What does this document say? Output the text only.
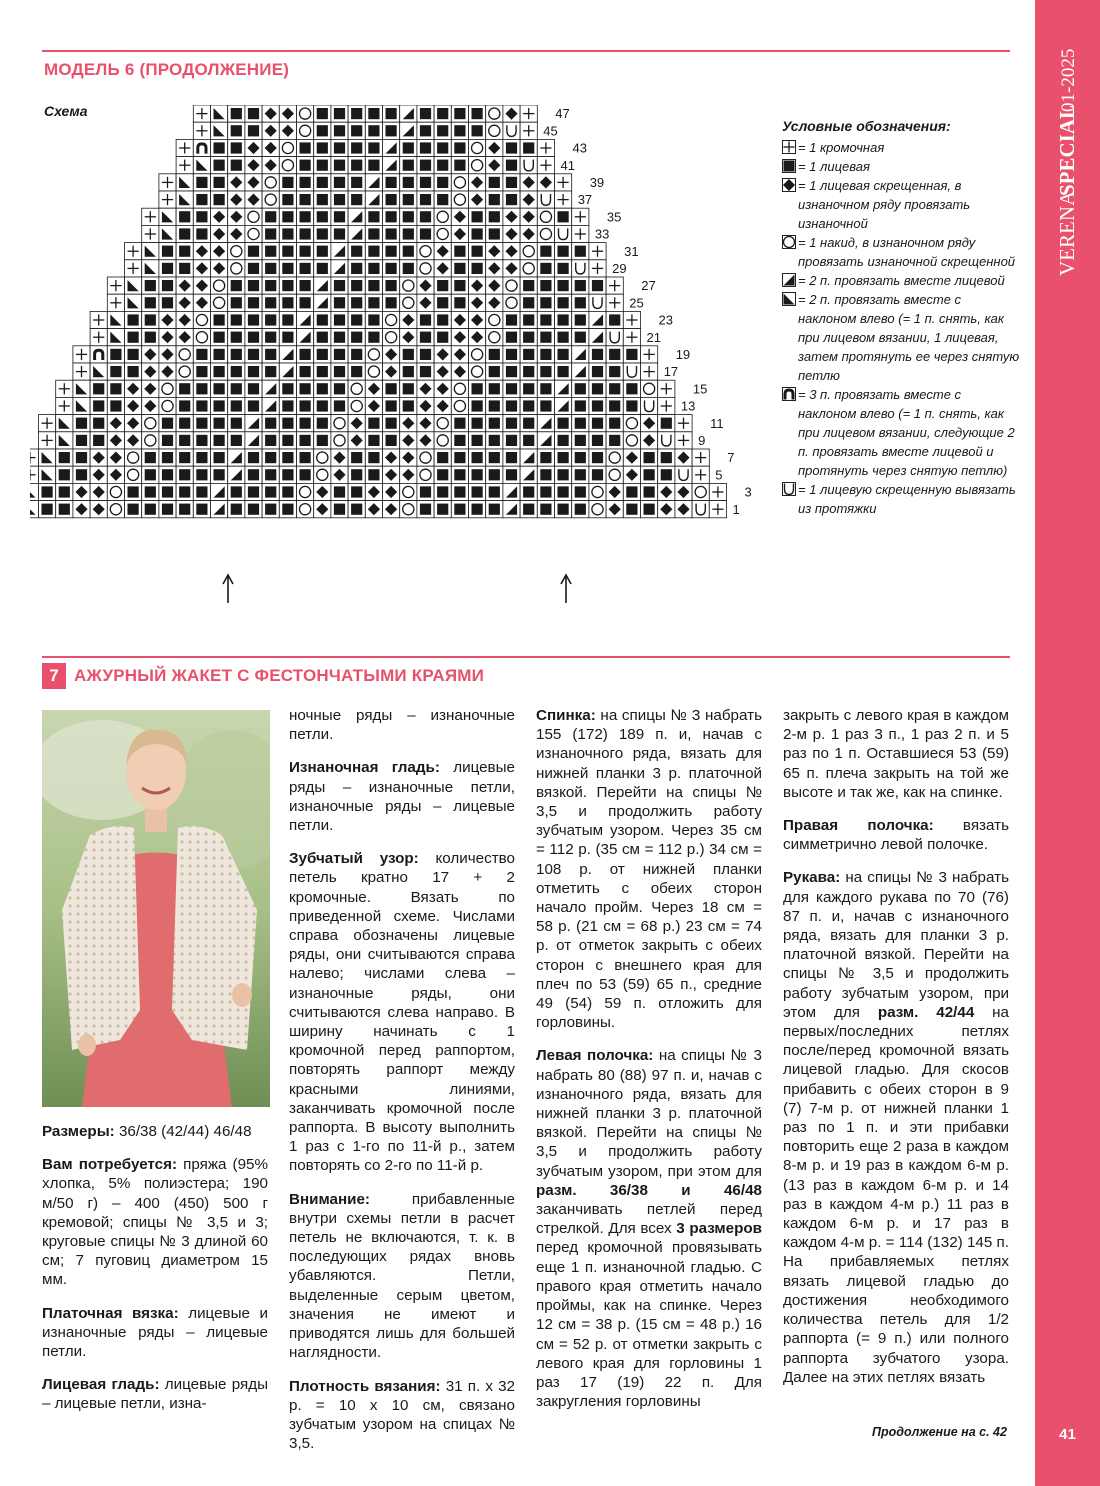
VERENA
SPECIAL
01-2025
41
МОДЕЛЬ 6 (ПРОДОЛЖЕНИЕ)
Схема	47
45
43
41
39
37
35
33
31
29
27
25
23
21
19
17
15
13
11
9
7
5
3
1
Условные обозначения:
= 1 кромочная
= 1 лицевая
= 1 лицевая скрещенная, в изнаночном ряду провязать изнаночной
= 1 накид, в изнаночном ряду провязать изнаночной скрещенной
= 2 п. провязать вместе лицевой
= 2 п. провязать вместе с наклоном влево (= 1 п. снять, как при лицевом вязании, 1 лицевая, затем протянуть ее через снятую петлю
= 3 п. провязать вместе с наклоном влево (= 1 п. снять, как при лицевом вязании, следующие 2 п. провязать вместе лицевой и протянуть через снятую петлю)
= 1 лицевую скрещенную вывязать из протяжки
7 АЖУРНЫЙ ЖАКЕТ С ФЕСТОНЧАТЫМИ КРАЯМИ

Размеры: 36/38 (42/44) 46/48

Вам потребуется: пряжа (95% хлопка, 5% полиэстера; 190 м/50 г) – 400 (450) 500 г кремовой; спицы № 3,5 и 3; круговые спицы № 3 длиной 60 см; 7 пуговиц диаметром 15 мм.

Платочная вязка: лицевые и изнаночные ряды – лицевые петли.

Лицевая гладь: лицевые ряды – лицевые петли, изна-

ночные ряды – изнаночные петли.

Изнаночная гладь: лицевые ряды – изнаночные петли, изнаночные ряды – лицевые петли.

Зубчатый узор: количество петель кратно 17 + 2 кромочные. Вязать по приведенной схеме. Числами справа обозначены лицевые ряды, они считываются справа налево; числами слева – изнаночные ряды, они считываются слева направо. В ширину начинать с 1 кромочной перед раппортом, повторять раппорт между красными линиями, заканчивать кромочной после раппорта. В высоту выполнить 1 раз с 1-го по 11-й р., затем повторять со 2-го по 11-й р.

Внимание: прибавленные внутри схемы петли в расчет петель не включаются, т. к. в последующих рядах вновь убавляются. Петли, выделенные серым цветом, значения не имеют и приводятся лишь для большей наглядности.

Плотность вязания: 31 п. х 32 р. = 10 х 10 см, связано зубчатым узором на спицах № 3,5.

Спинка: на спицы № 3 набрать 155 (172) 189 п. и, начав с изнаночного ряда, вязать для нижней планки 3 р. платочной вязкой. Перейти на спицы № 3,5 и продолжить работу зубчатым узором. Через 35 см = 112 р. (35 см = 112 р.) 34 см = 108 р. от нижней планки отметить с обеих сторон начало пройм. Через 18 см = 58 р. (21 см = 68 р.) 23 см = 74 р. от отметок закрыть с обеих сторон с внешнего края для плеч по 53 (59) 65 п., средние 49 (54) 59 п. отложить для горловины.

Левая полочка: на спицы № 3 набрать 80 (88) 97 п. и, начав с изнаночного ряда, вязать для нижней планки 3 р. платочной вязкой. Перейти на спицы № 3,5 и продолжить работу зубчатым узором, при этом для разм. 36/38 и 46/48 заканчивать петлей перед стрелкой. Для всех 3 размеров перед кромочной провязывать еще 1 п. изнаночной гладью. С правого края отметить начало проймы, как на спинке. Через 12 см = 38 р. (15 см = 48 р.) 16 см = 52 р. от отметки закрыть с левого края для горловины 1 раз 17 (19) 22 п. Для закругления горловины

закрыть с левого края в каждом 2-м р. 1 раз 3 п., 1 раз 2 п. и 5 раз по 1 п. Оставшиеся 53 (59) 65 п. плеча закрыть на той же высоте и так же, как на спинке.

Правая полочка: вязать симметрично левой полочке.

Рукава: на спицы № 3 набрать для каждого рукава по 70 (76) 87 п. и, начав с изнаночного ряда, вязать для планки 3 р. платочной вязкой. Перейти на спицы № 3,5 и продолжить работу зубчатым узором, при этом для разм. 42/44 на первых/последних петлях после/перед кромочной вязать лицевой гладью. Для скосов прибавить с обеих сторон в 9 (7) 7-м р. от нижней планки 1 раз по 1 п. и эти прибавки повторить еще 2 раза в каждом 8-м р. и 19 раз в каждом 6-м р. (13 раз в каждом 6-м р. и 14 раз в каждом 4-м р.) 11 раз в каждом 6-м р. и 17 раз в каждом 4-м р. = 114 (132) 145 п. На прибавляемых петлях вязать лицевой гладью до достижения необходимого количества петель для 1/2 раппорта (= 9 п.) или полного раппорта зубчатого узора. Далее на этих петлях вязать

Продолжение на с. 42
